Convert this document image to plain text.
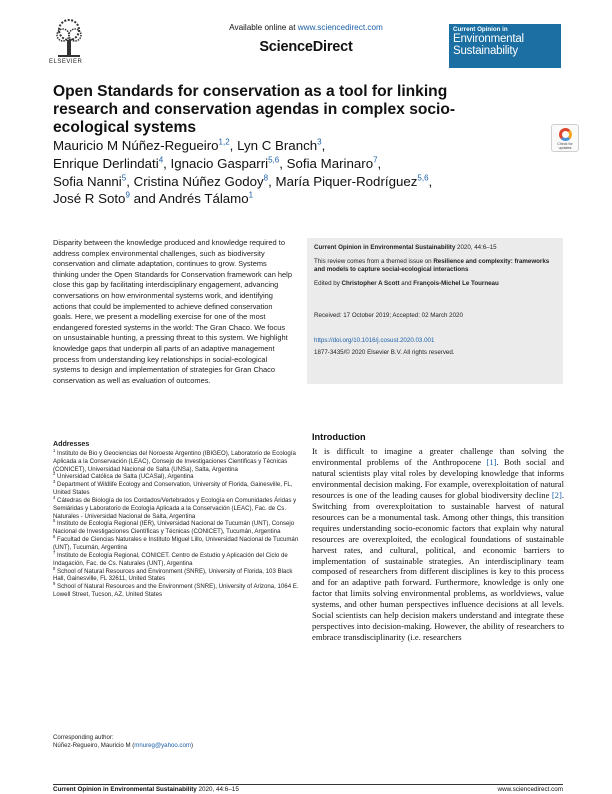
ELSEVIER
Available online at www.sciencedirect.com
ScienceDirect
Current Opinion in
Environmental
Sustainability
Open Standards for conservation as a tool for linking research and conservation agendas in complex socio-ecological systems
Check for
updates
Mauricio M Núñez-Regueiro$^{1,2}$, Lyn C Branch$^3$,
Enrique Derlindati$^4$, Ignacio Gasparri$^{5,6}$, Sofia Marinaro$^7$,
Sofia Nanni$^5$, Cristina Núñez Godoy$^8$, María Piquer-Rodríguez$^{5,6}$,
José R Soto$^9$ and Andrés Tálamo$^1$
Disparity between the knowledge produced and knowledge required to address complex environmental challenges, such as biodiversity conservation and climate adaptation, continues to grow. Systems thinking under the Open Standards for Conservation framework can help close this gap by facilitating interdisciplinary engagement, advancing conversations on how environmental systems work, and identifying actions that could be implemented to achieve defined conservation goals. Here, we present a modelling exercise for one of the most endangered forested systems in the world: The Gran Chaco. We focus on unsustainable hunting, a pressing threat to this system. We highlight knowledge gaps that underpin all parts of an adaptive management process from understanding key relationships in social-ecological systems to design and implementation of strategies for Gran Chaco conservation as well as evaluation of outcomes.
Current Opinion in Environmental Sustainability 2020, 44:6–15
This review comes from a themed issue on Resilience and complexity: frameworks and models to capture social-ecological interactions
Edited by Christopher A Scott and François-Michel Le Tourneau
Received: 17 October 2019; Accepted: 02 March 2020
https://doi.org/10.1016/j.cosust.2020.03.001
1877-3435/© 2020 Elsevier B.V. All rights reserved.
Addresses
$^1$ Instituto de Bio y Geociencias del Noroeste Argentino (IBIGEO), Laboratorio de Ecología Aplicada a la Conservación (LEAC), Consejo de Investigaciones Científicas y Técnicas (CONICET), Universidad Nacional de Salta (UNSa), Salta, Argentina
$^2$ Universidad Católica de Salta (UCASal), Argentina
$^3$ Department of Wildlife Ecology and Conservation, University of Florida, Gainesville, FL, United States
$^4$ Cátedras de Biología de los Cordados/Vertebrados y Ecología en Comunidades Áridas y Semiáridas y Laboratorio de Ecología Aplicada a la Conservación (LEAC), Fac. de Cs. Naturales - Universidad Nacional de Salta, Argentina
$^5$ Instituto de Ecología Regional (IER), Universidad Nacional de Tucumán (UNT), Consejo Nacional de Investigaciones Científicas y Técnicas (CONICET), Tucumán, Argentina
$^6$ Facultad de Ciencias Naturales e Instituto Miguel Lillo, Universidad Nacional de Tucumán (UNT), Tucumán, Argentina
$^7$ Instituto de Ecología Regional, CONICET. Centro de Estudio y Aplicación del Ciclo de Indagación, Fac. de Cs. Naturales (UNT), Argentina
$^8$ School of Natural Resources and Environment (SNRE), University of Florida, 103 Black Hall, Gainesville, FL 32611, United States
$^9$ School of Natural Resources and the Environment (SNRE), University of Arizona, 1064 E. Lowell Street, Tucson, AZ, United States
Corresponding author:
Núñez-Regueiro, Mauricio M (mnureg@yahoo.com)
Introduction
It is difficult to imagine a greater challenge than solving the environmental problems of the Anthropocene [1]. Both social and natural scientists play vital roles by developing knowledge that informs environmental decision making. For example, overexploitation of natural resources is one of the leading causes for global biodiversity decline [2]. Switching from overexploitation to sustainable harvest of natural resources can be a monumental task. Among other things, this transition requires understanding socio-economic factors that explain why natural resources are overexploited, the ecological foundations of sustainable harvest rates, and cultural, political, and economic barriers to implementation of sustainable strategies. An interdisciplinary team composed of researchers from different disciplines is key to this process and for an adaptive path forward. Furthermore, knowledge is only one factor that limits solving environmental problems, as worldviews, value systems, and other human perspectives influence decisions at all levels. Social scientists can help decision makers understand and integrate these perspectives into decision-making. However, the ability of researchers to embrace transdisciplinarity (i.e. researchers
Current Opinion in Environmental Sustainability 2020, 44:6–15	www.sciencedirect.com
